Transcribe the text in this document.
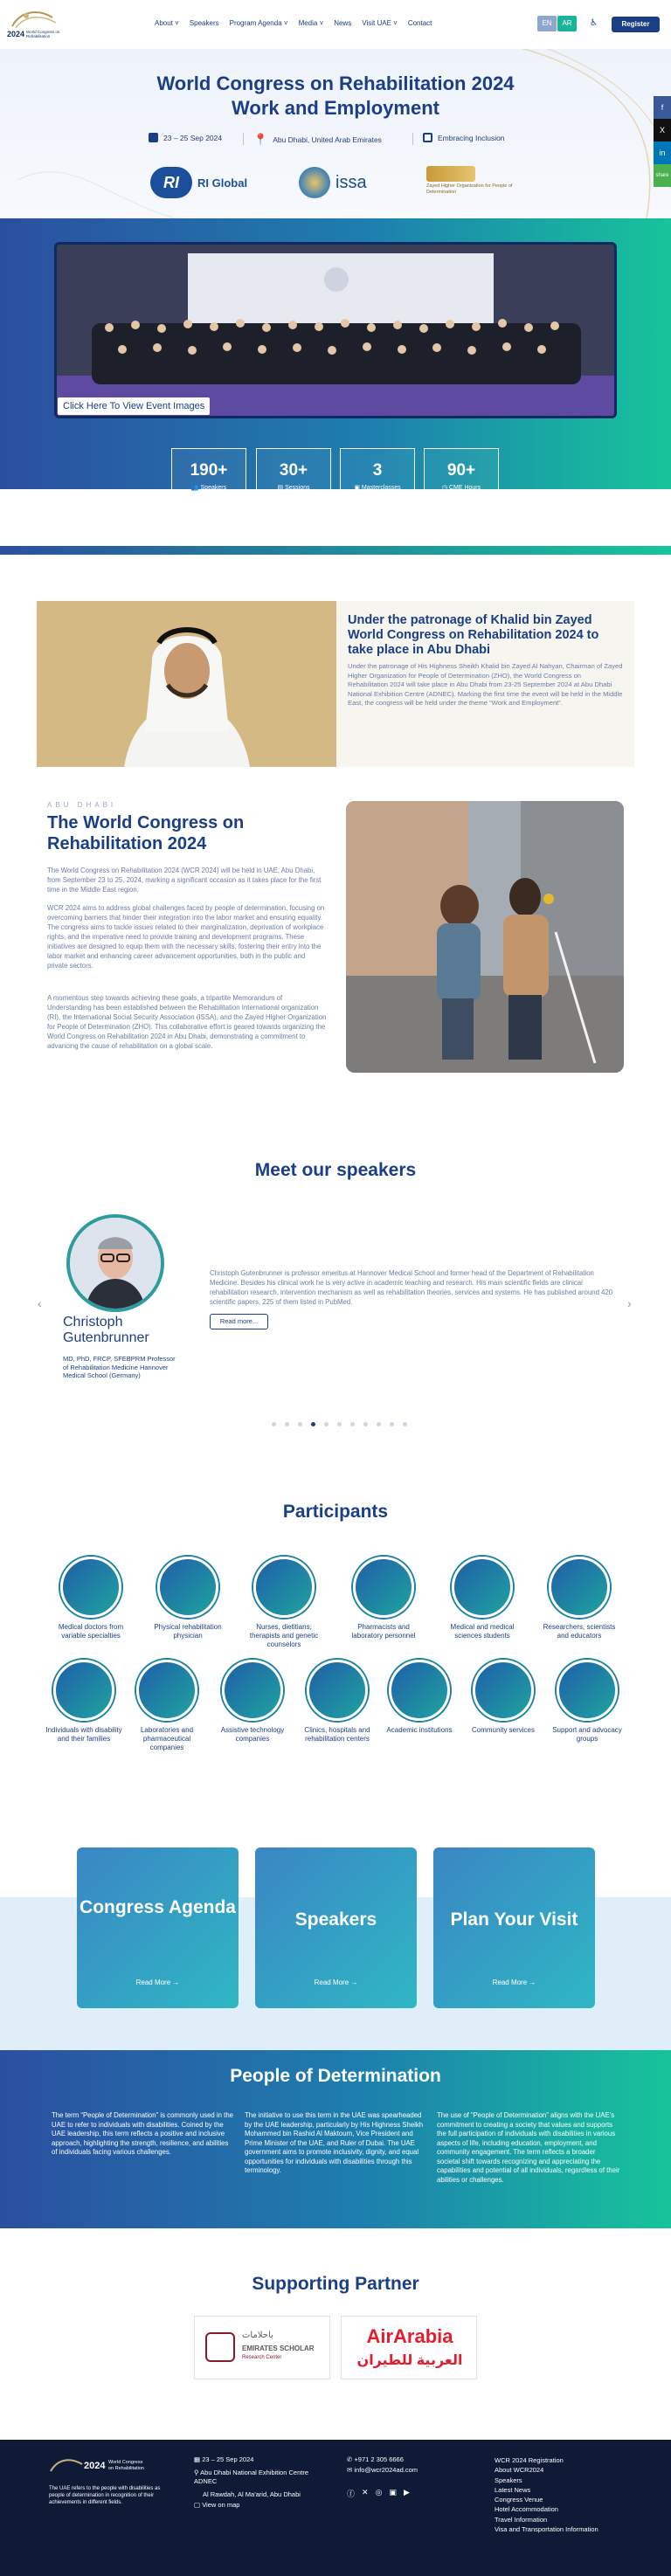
2024 World Congress on Rehabilitation
About ˅ Speakers Program Agenda ˅ Media ˅ News Visit UAE ˅ Contact	EN	AR	♿	Register
World Congress on Rehabilitation 2024
Work and Employment
23 – 25 Sep 2024	📍 Abu Dhabi, United Arab Emirates	Embracing Inclusion
RI	RI Global	issa	Zayed Higher Organization for People of Determination
Click Here To View Event Images
190+
👥 Speakers
30+
▤ Sessions
3
▣ Masterclasses
90+
◷ CME Hours
Under the patronage of Khalid bin Zayed World Congress on Rehabilitation 2024 to take place in Abu Dhabi
Under the patronage of His Highness Sheikh Khalid bin Zayed Al Nahyan, Chairman of Zayed Higher Organization for People of Determination (ZHO), the World Congress on Rehabilitation 2024 will take place in Abu Dhabi from 23-25 September 2024 at Abu Dhabi National Exhibition Centre (ADNEC). Marking the first time the event will be held in the Middle East, the congress will be held under the theme “Work and Employment”.
ABU DHABI
The World Congress on Rehabilitation 2024
The World Congress on Rehabilitation 2024 (WCR 2024) will be held in UAE, Abu Dhabi, from September 23 to 25, 2024, marking a significant occasion as it takes place for the first time in the Middle East region.
WCR 2024 aims to address global challenges faced by people of determination, focusing on overcoming barriers that hinder their integration into the labor market and ensuring equality. The congress aims to tackle issues related to their marginalization, deprivation of workplace rights, and the imperative need to provide training and development programs. These initiatives are designed to equip them with the necessary skills, fostering their entry into the labor market and enhancing career advancement opportunities, both in the public and private sectors.
A momentous step towards achieving these goals, a tripartite Memorandum of Understanding has been established between the Rehabilitation International organization (RI), the International Social Security Association (ISSA), and the Zayed Higher Organization for People of Determination (ZHO). This collaborative effort is geared towards organizing the World Congress on Rehabilitation 2024 in Abu Dhabi, demonstrating a commitment to advancing the cause of rehabilitation on a global scale.
Meet our speakers
‹	›
Christoph Gutenbrunner
MD, PhD, FRCP, SFEBPRM Professor of Rehabilitation Medicine Hannover Medical School (Germany)
Christoph Gutenbrunner is professor emeritus at Hannover Medical School and former head of the Department of Rehabilitation Medicine. Besides his clinical work he is very active in academic teaching and research. His main scientific fields are clinical rehabilitation research, intervention mechanism as well as rehabilitation theories, services and systems. He has published around 420 scientific papers, 225 of them listed in PubMed.
Read more...
Participants
Medical doctors from variable specialties
Physical rehabilitation physician
Nurses, dietitians, therapists and genetic counselors
Pharmacists and laboratory personnel
Medical and medical sciences students
Researchers, scientists and educators
Individuals with disability and their families
Laboratories and pharmaceutical companies
Assistive technology companies
Clinics, hospitals and rehabilitation centers
Academic institutions	Community services	Support and advocacy groups
Congress Agenda
Read More →
Speakers
Read More →
Plan Your Visit
Read More →
People of Determination
The term “People of Determination” is commonly used in the UAE to refer to individuals with disabilities. Coined by the UAE leadership, this term reflects a positive and inclusive approach, highlighting the strength, resilience, and abilities of individuals facing various challenges.
The initiative to use this term in the UAE was spearheaded by the UAE leadership, particularly by His Highness Sheikh Mohammed bin Rashid Al Maktoum, Vice President and Prime Minister of the UAE, and Ruler of Dubai. The UAE government aims to promote inclusivity, dignity, and equal opportunities for individuals with disabilities through this terminology.
The use of “People of Determination” aligns with the UAE’s commitment to creating a society that values and supports the full participation of individuals with disabilities in various aspects of life, including education, employment, and community engagement. The term reflects a broader societal shift towards recognizing and appreciating the capabilities and potential of all individuals, regardless of their abilities or challenges.
Supporting Partner
باحلامات
EMIRATES SCHOLAR
Research Center
AirArabia
العربية للطيران
2024 World Congress on Rehabilitation
The UAE refers to the people with disabilities as people of determination in recognition of their achievements in different fields.
▦ 23 – 25 Sep 2024
⚲ Abu Dhabi National Exhibition Centre ADNEC
Al Rawdah, Al Ma'arid, Abu Dhabi
▢ View on map
✆ +971 2 305 6666
✉ info@wcr2024ad.com
ⓕ ✕ ◎ ▣ ▶
WCR 2024 Registration
About WCR2024
Speakers
Latest News
Congress Venue
Hotel Accommodation
Travel Information
Visa and Transportation Information
f
X
in
share
